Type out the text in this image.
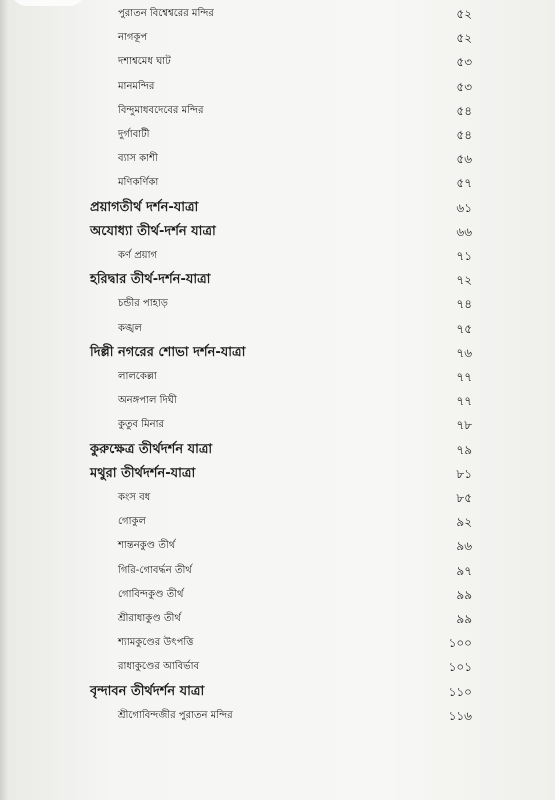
পুরাতন বিশ্বেশ্বরের মন্দির	৫২
নাগকূপ	৫২
দশাশ্বমেধ ঘাট	৫৩
মানমন্দির	৫৩
বিন্দুমাধবদেবের মন্দির	৫৪
দুর্গাবাটী	৫৪
ব্যাস কাশী	৫৬
মণিকর্ণিকা	৫৭
প্রয়াগতীর্থ দর্শন-যাত্রা	৬১
অযোধ্যা তীর্থ-দর্শন যাত্রা	৬৬
কর্ণ প্রয়াগ	৭১
হরিদ্বার তীর্থ-দর্শন-যাত্রা	৭২
চন্ডীর পাহাড়	৭৪
কঙ্খল	৭৫
দিল্লী নগরের শোভা দর্শন-যাত্রা	৭৬
লালকেল্লা	৭৭
অনঙ্গপাল দিঘী	৭৭
কুতুব মিনার	৭৮
কুরুক্ষেত্র তীর্থদর্শন যাত্রা	৭৯
মথুরা তীর্থদর্শন-যাত্রা	৮১
কংস বধ	৮৫
গোকুল	৯২
শান্তনকুণ্ড তীর্থ	৯৬
গিরি-গোবর্দ্ধন তীর্থ	৯৭
গোবিন্দকুণ্ড তীর্থ	৯৯
শ্রীরাধাকুণ্ড তীর্থ	৯৯
শ্যামকুণ্ডের উৎপত্তি	১০০
রাধাকুণ্ডের আবির্ভাব	১০১
বৃন্দাবন তীর্থদর্শন যাত্রা	১১০
শ্রীগোবিন্দজীর পুরাতন মন্দির	১১৬
